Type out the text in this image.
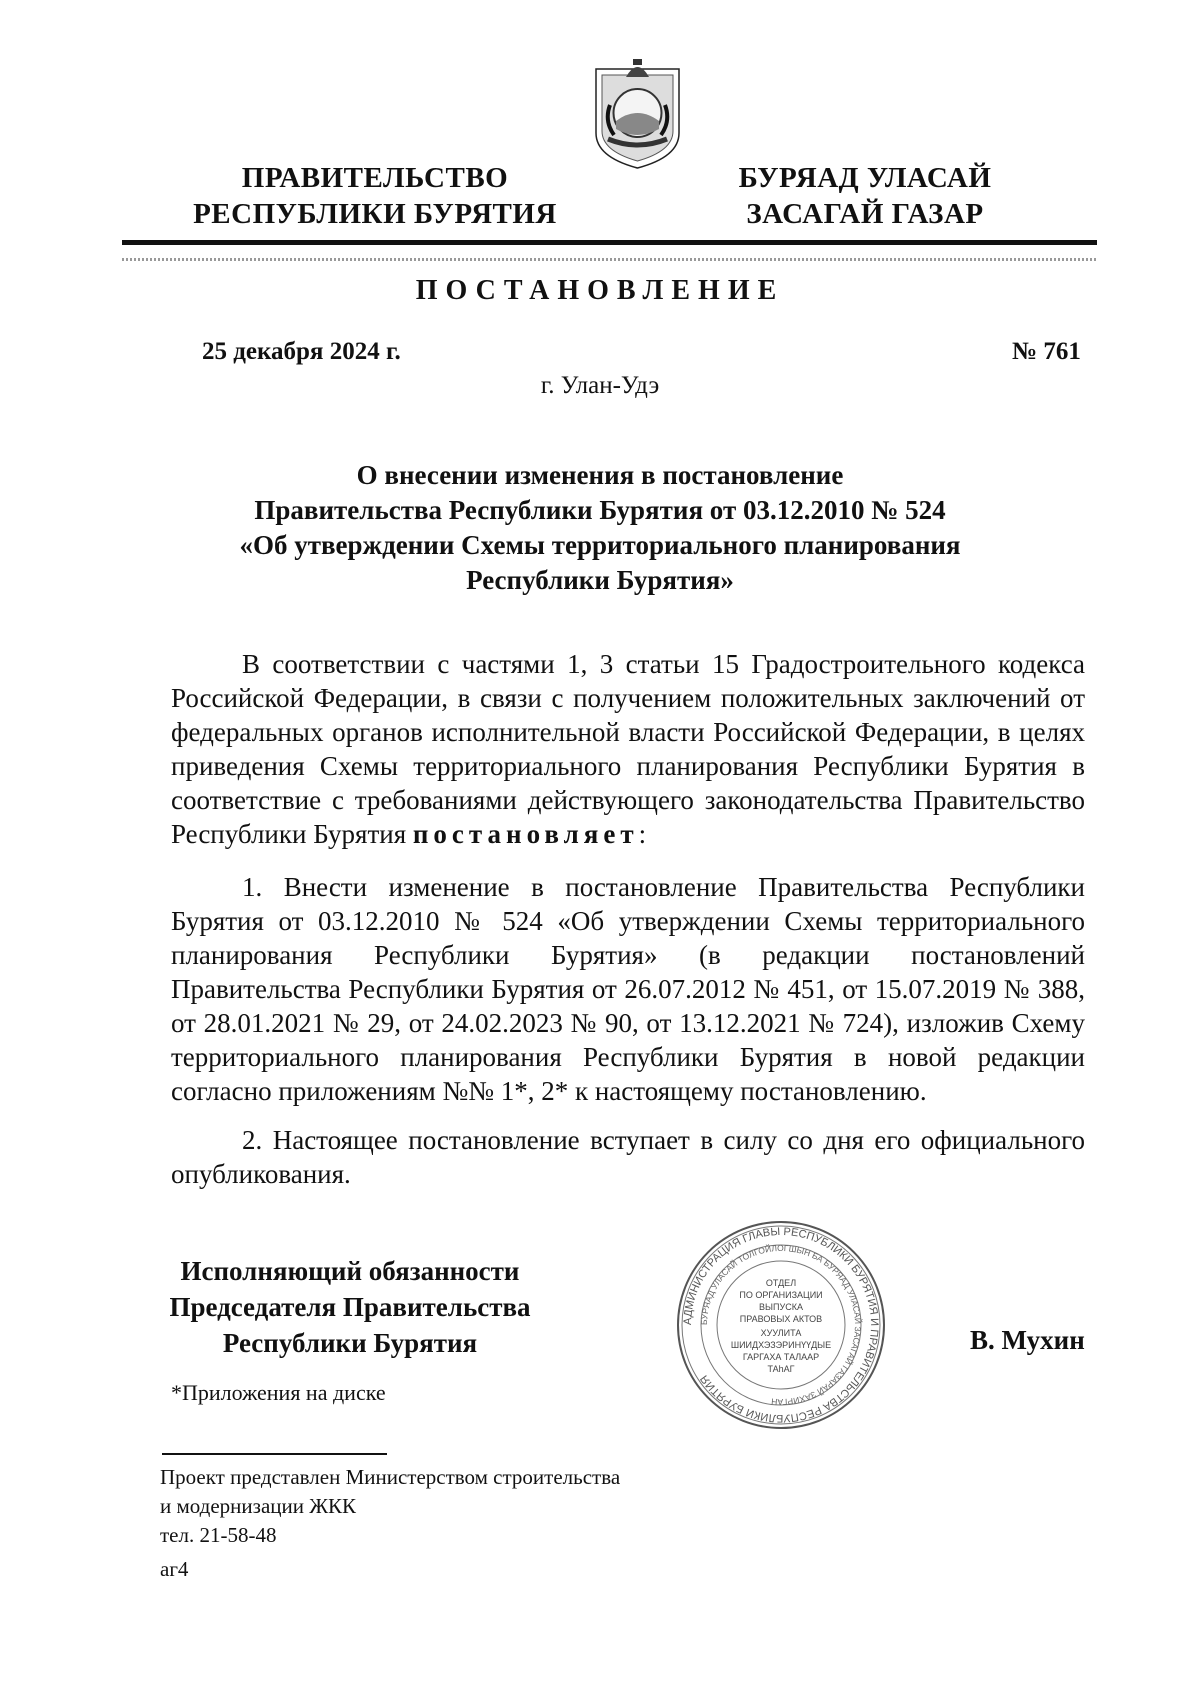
ПРАВИТЕЛЬСТВО
РЕСПУБЛИКИ БУРЯТИЯ
БУРЯАД УЛАСАЙ
ЗАСАГАЙ ГАЗАР
ПОСТАНОВЛЕНИЕ
25 декабря 2024 г.	№ 761
г. Улан-Удэ
О внесении изменения в постановление
Правительства Республики Бурятия от 03.12.2010 № 524
«Об утверждении Схемы территориального планирования
Республики Бурятия»
В соответствии с частями 1, 3 статьи 15 Градостроительного кодекса Российской Федерации, в связи с получением положительных заключений от федеральных органов исполнительной власти Российской Федерации, в целях приведения Схемы территориального планирования Республики Бурятия в соответствие с требованиями действующего законодательства Правительство Республики Бурятия постановляет:
1. Внести изменение в постановление Правительства Республики Бурятия от 03.12.2010 № 524 «Об утверждении Схемы территориального планирования Республики Бурятия» (в редакции постановлений Правительства Республики Бурятия от 26.07.2012 № 451, от 15.07.2019 № 388, от 28.01.2021 № 29, от 24.02.2023 № 90, от 13.12.2021 № 724), изложив Схему территориального планирования Республики Бурятия в новой редакции согласно приложениям №№ 1*, 2* к настоящему постановлению.
2. Настоящее постановление вступает в силу со дня его официального опубликования.
Исполняющий обязанности
Председателя Правительства
Республики Бурятия
АДМИНИСТРАЦИЯ ГЛАВЫ РЕСПУБЛИКИ БУРЯТИЯ И ПРАВИТЕЛЬСТВА РЕСПУБЛИКИ БУРЯТИЯ
БУРЯАД УЛАСАЙ ТОЛГОЙЛОГШЫН БА БУРЯАД УЛАСАЙ ЗАСАГАЙ ГАЗАРАЙ ЗАХИРГАН
ОТДЕЛ
ПО ОРГАНИЗАЦИИ
ВЫПУСКА
ПРАВОВЫХ АКТОВ
ХУУЛИТА
ШИИДХЭЗЭРИНҮҮДЫЕ
ГАРГАХА ТАЛААР
ТАһАГ
В. Мухин
*Приложения на диске
Проект представлен Министерством строительства
и модернизации ЖКК
тел. 21-58-48
аг4
